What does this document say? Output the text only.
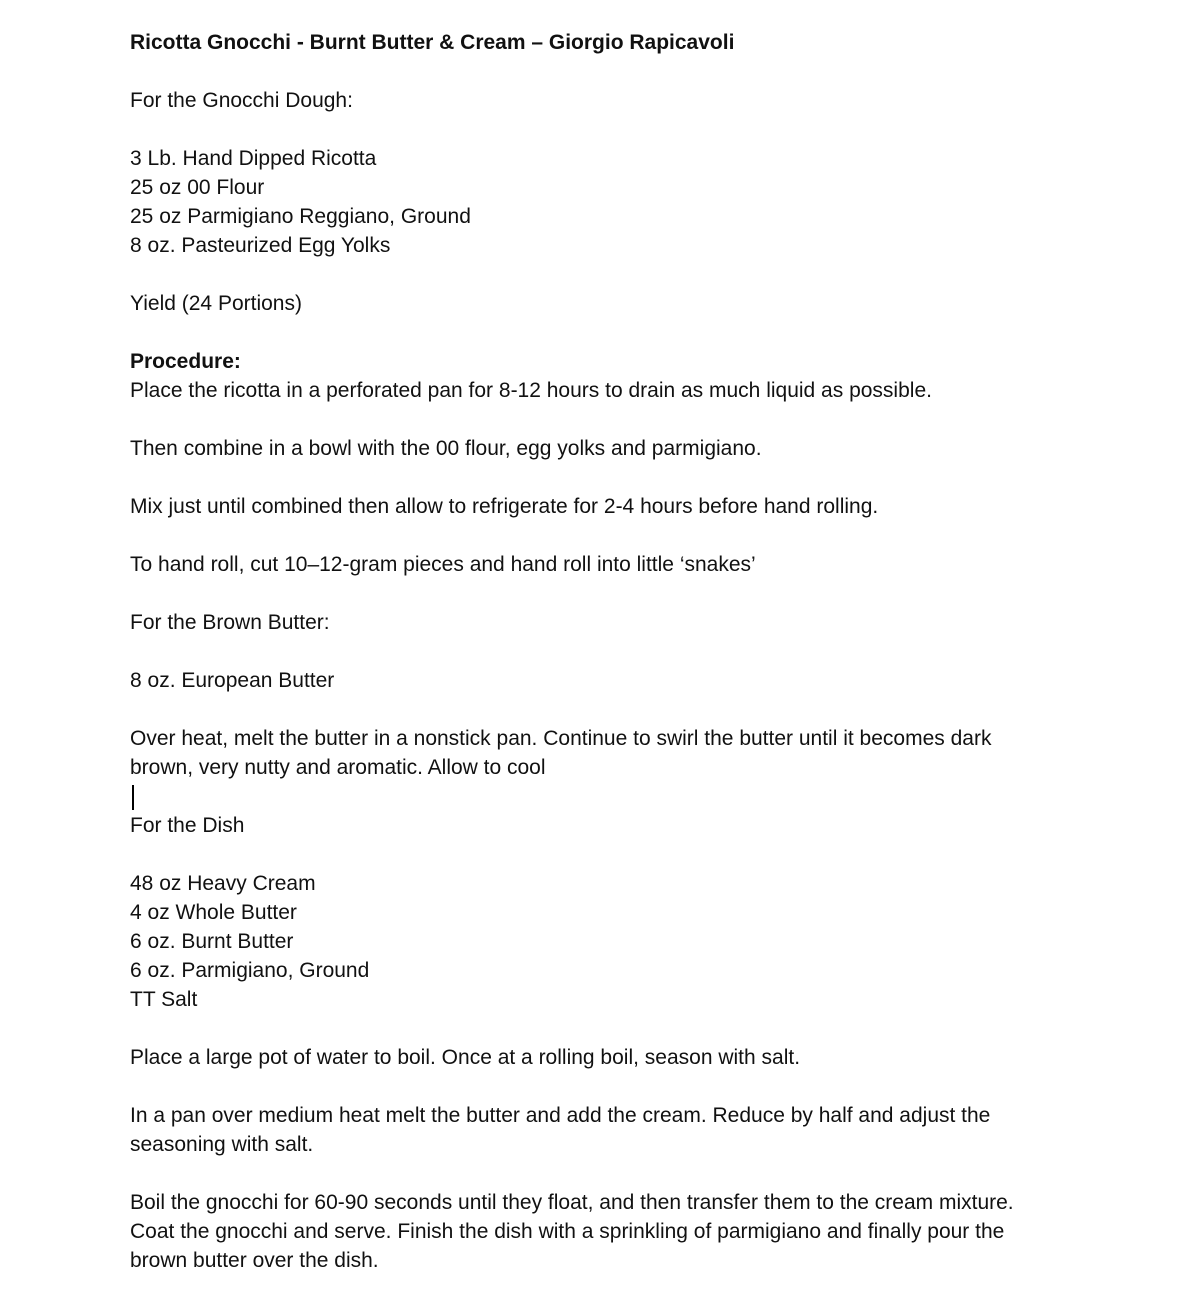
Ricotta Gnocchi - Burnt Butter & Cream – Giorgio Rapicavoli

For the Gnocchi Dough:

3 Lb. Hand Dipped Ricotta
25 oz 00 Flour
25 oz Parmigiano Reggiano, Ground
8 oz. Pasteurized Egg Yolks

Yield (24 Portions)

Procedure:

Place the ricotta in a perforated pan for 8-12 hours to drain as much liquid as possible.

Then combine in a bowl with the 00 flour, egg yolks and parmigiano.

Mix just until combined then allow to refrigerate for 2-4 hours before hand rolling.

To hand roll, cut 10–12-gram pieces and hand roll into little ‘snakes’

For the Brown Butter:

8 oz. European Butter

Over heat, melt the butter in a nonstick pan. Continue to swirl the butter until it becomes dark brown, very nutty and aromatic. Allow to cool

For the Dish

48 oz Heavy Cream
4 oz Whole Butter
6 oz. Burnt Butter
6 oz. Parmigiano, Ground
TT Salt

Place a large pot of water to boil. Once at a rolling boil, season with salt.

In a pan over medium heat melt the butter and add the cream. Reduce by half and adjust the seasoning with salt.

Boil the gnocchi for 60-90 seconds until they float, and then transfer them to the cream mixture. Coat the gnocchi and serve. Finish the dish with a sprinkling of parmigiano and finally pour the brown butter over the dish.
